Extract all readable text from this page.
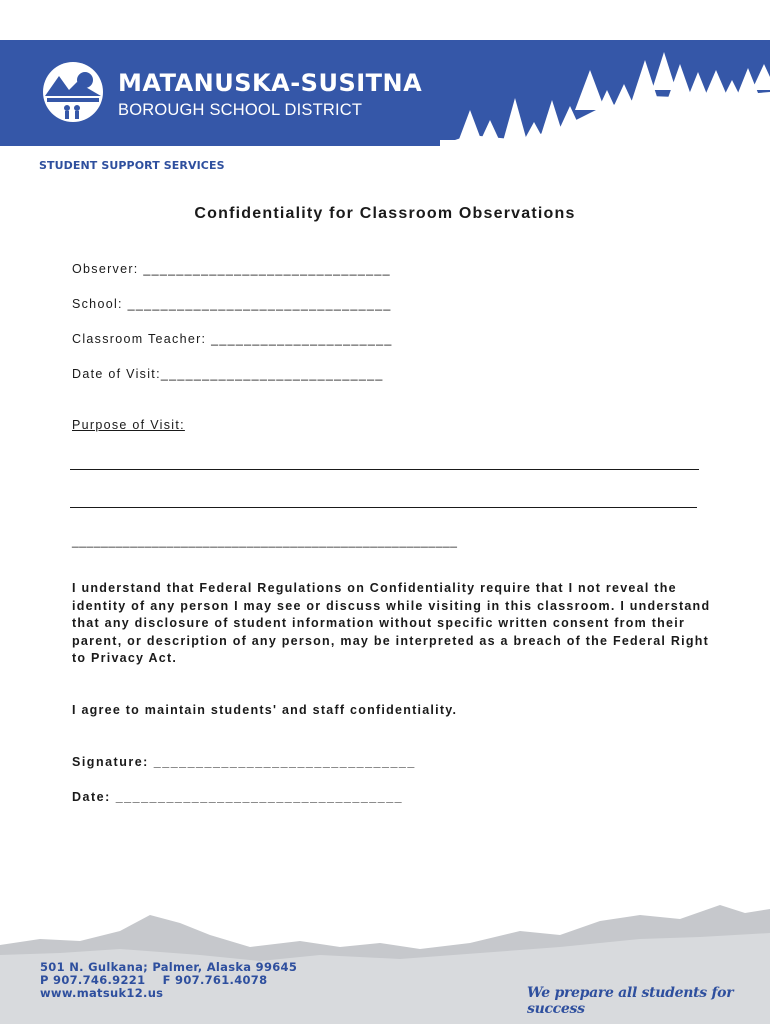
MATANUSKA-SUSITNA
BOROUGH SCHOOL DISTRICT
STUDENT SUPPORT SERVICES
Confidentiality for Classroom Observations
Observer: ______________________________
School: ________________________________
Classroom Teacher: ______________________
Date of Visit:___________________________
Purpose of Visit:
_____________________________________________________
I understand that Federal Regulations on Confidentiality require that I not reveal the identity of any person I may see or discuss while visiting in this classroom. I understand that any disclosure of student information without specific written consent from their parent, or description of any person, may be interpreted as a breach of the Federal Right to Privacy Act.
I agree to maintain students' and staff confidentiality.
Signature: _______________________________
Date: __________________________________
501 N. Gulkana; Palmer, Alaska 99645
P 907.746.9221    F 907.761.4078
www.matsuk12.us	We prepare all students for success
